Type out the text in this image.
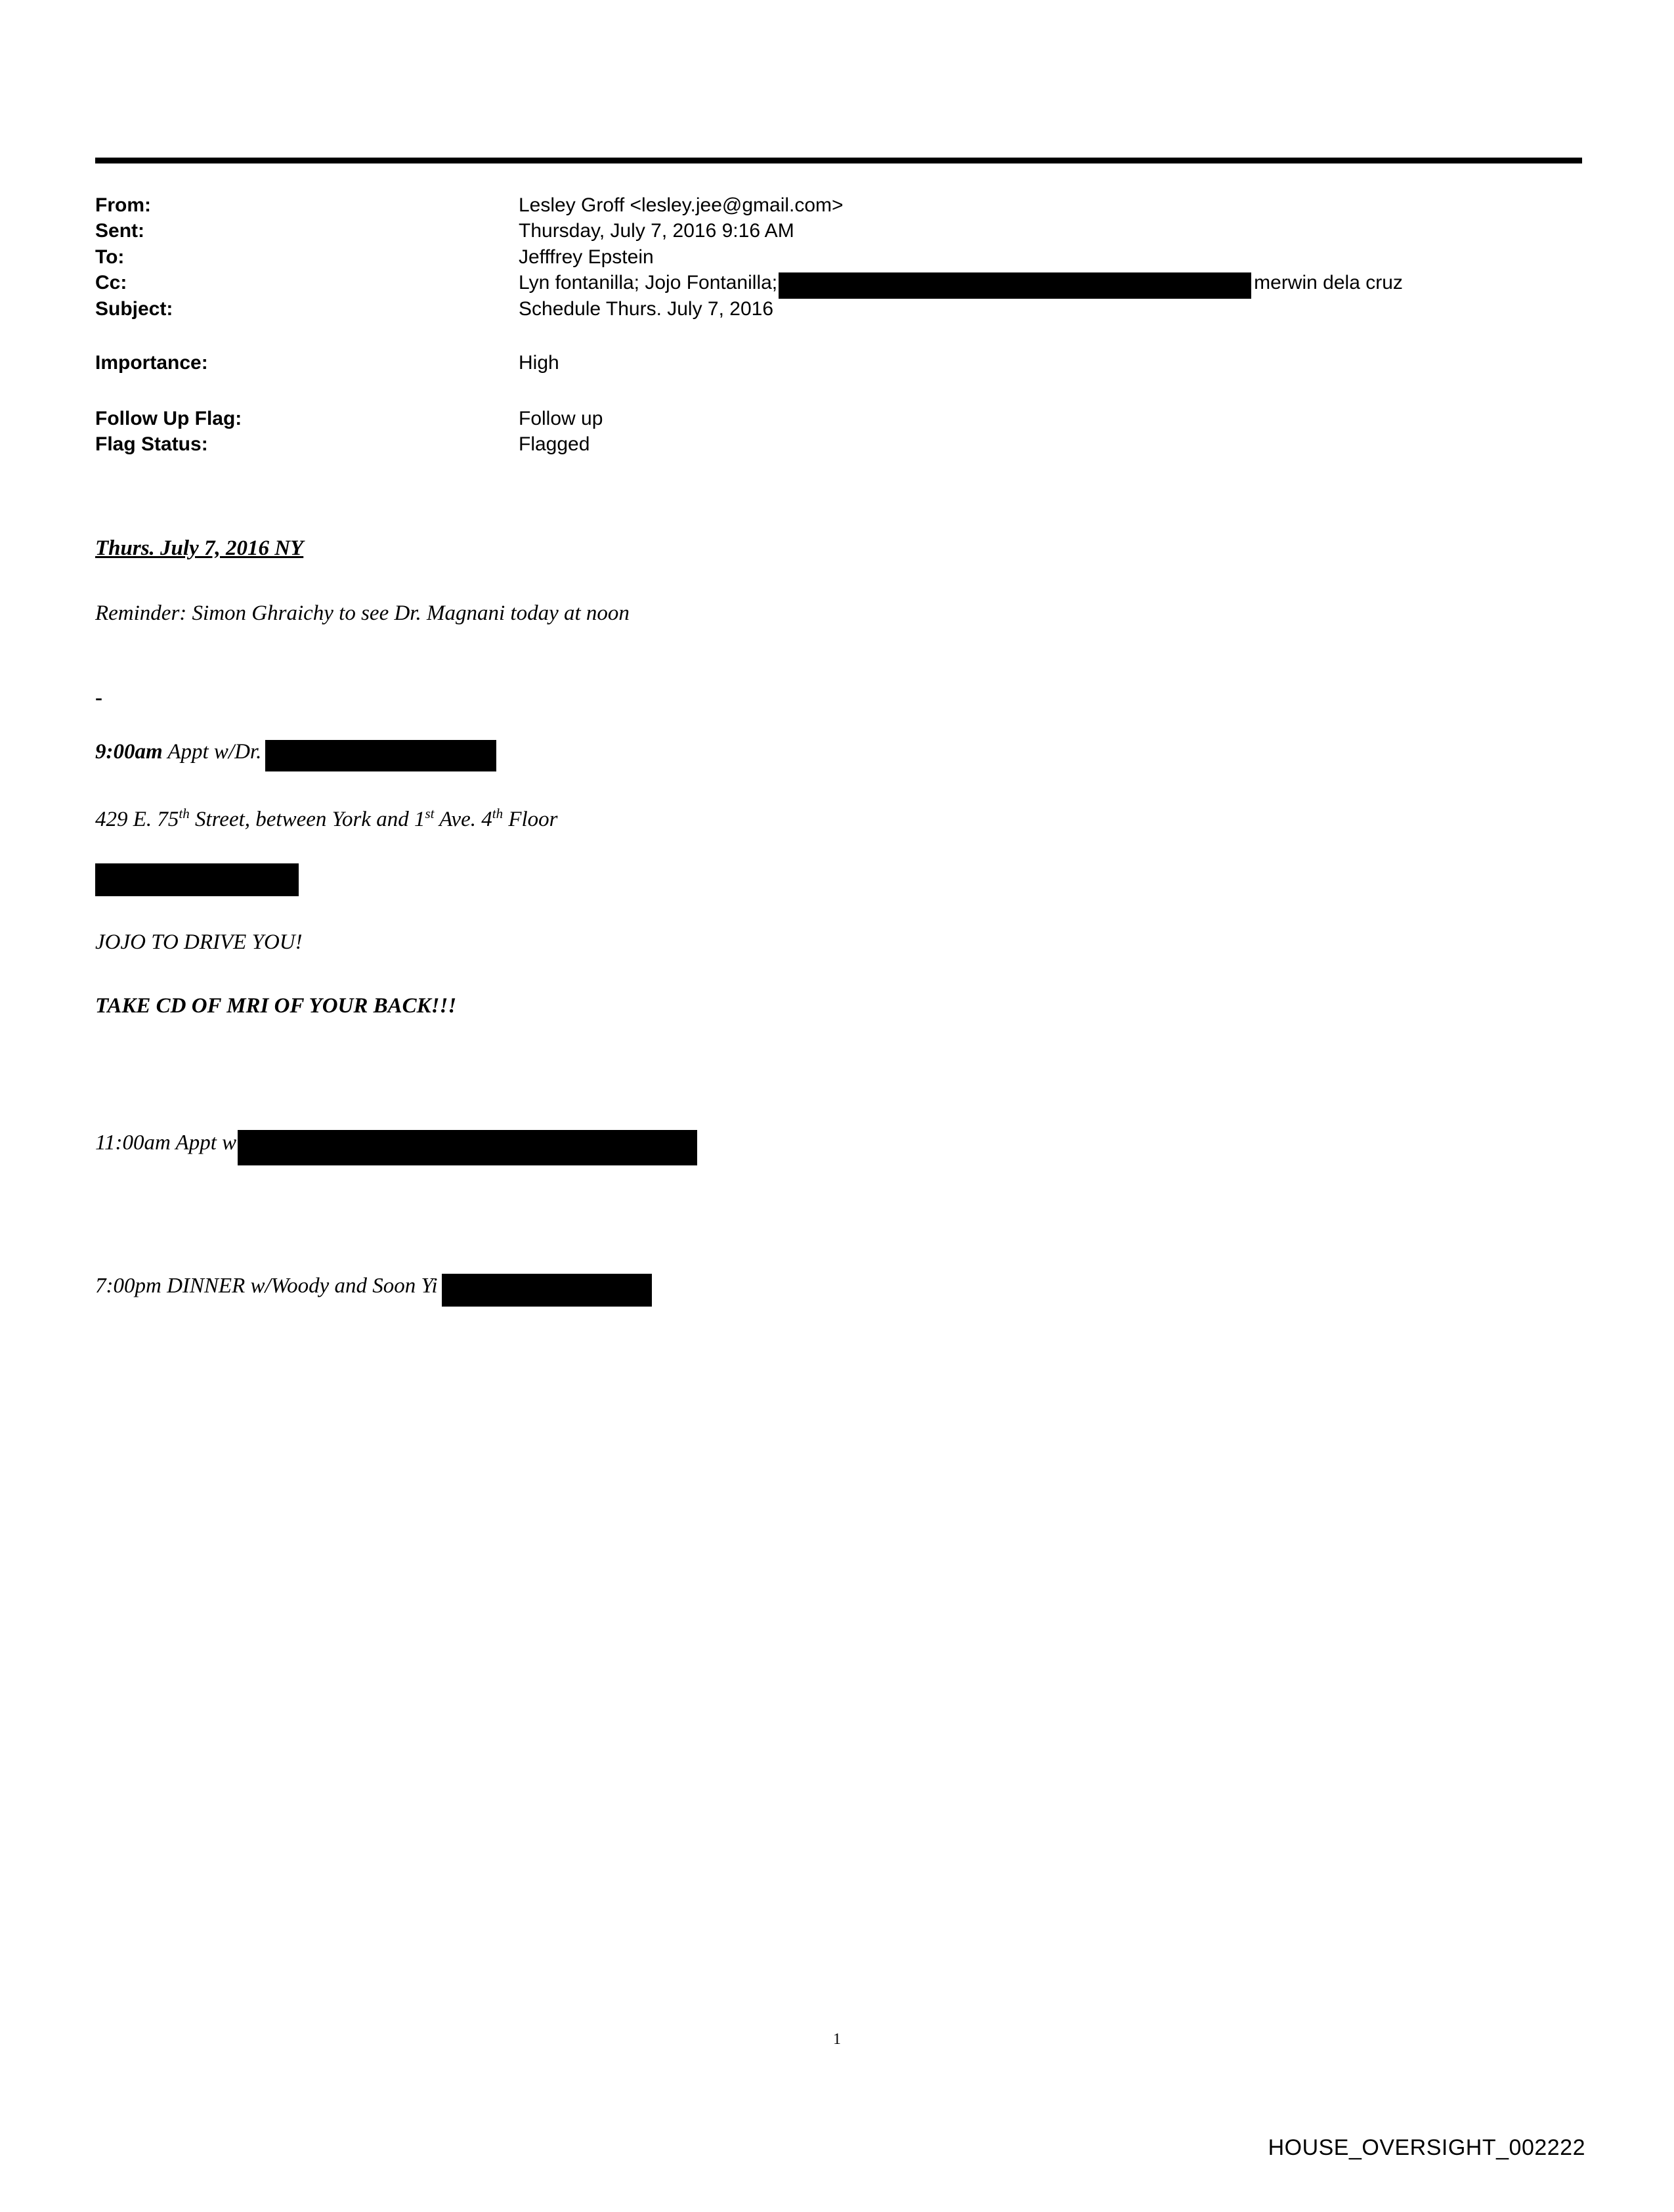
From:	Lesley Groff <lesley.jee@gmail.com>
Sent:	Thursday, July 7, 2016 9:16 AM
To:	Jefffrey Epstein
Cc:	Lyn fontanilla; Jojo Fontanilla; merwin dela cruz
Subject:	Schedule Thurs. July 7, 2016

Importance:	High

Follow Up Flag:	Follow up
Flag Status:	Flagged
Thurs. July 7, 2016 NY
Reminder: Simon Ghraichy to see Dr. Magnani today at noon
-
9:00am Appt w/Dr.
429 E. 75th Street, between York and 1st Ave. 4th Floor
JOJO TO DRIVE YOU!
TAKE CD OF MRI OF YOUR BACK!!!
11:00am Appt w
7:00pm DINNER w/Woody and Soon Yi
1
HOUSE_OVERSIGHT_002222
